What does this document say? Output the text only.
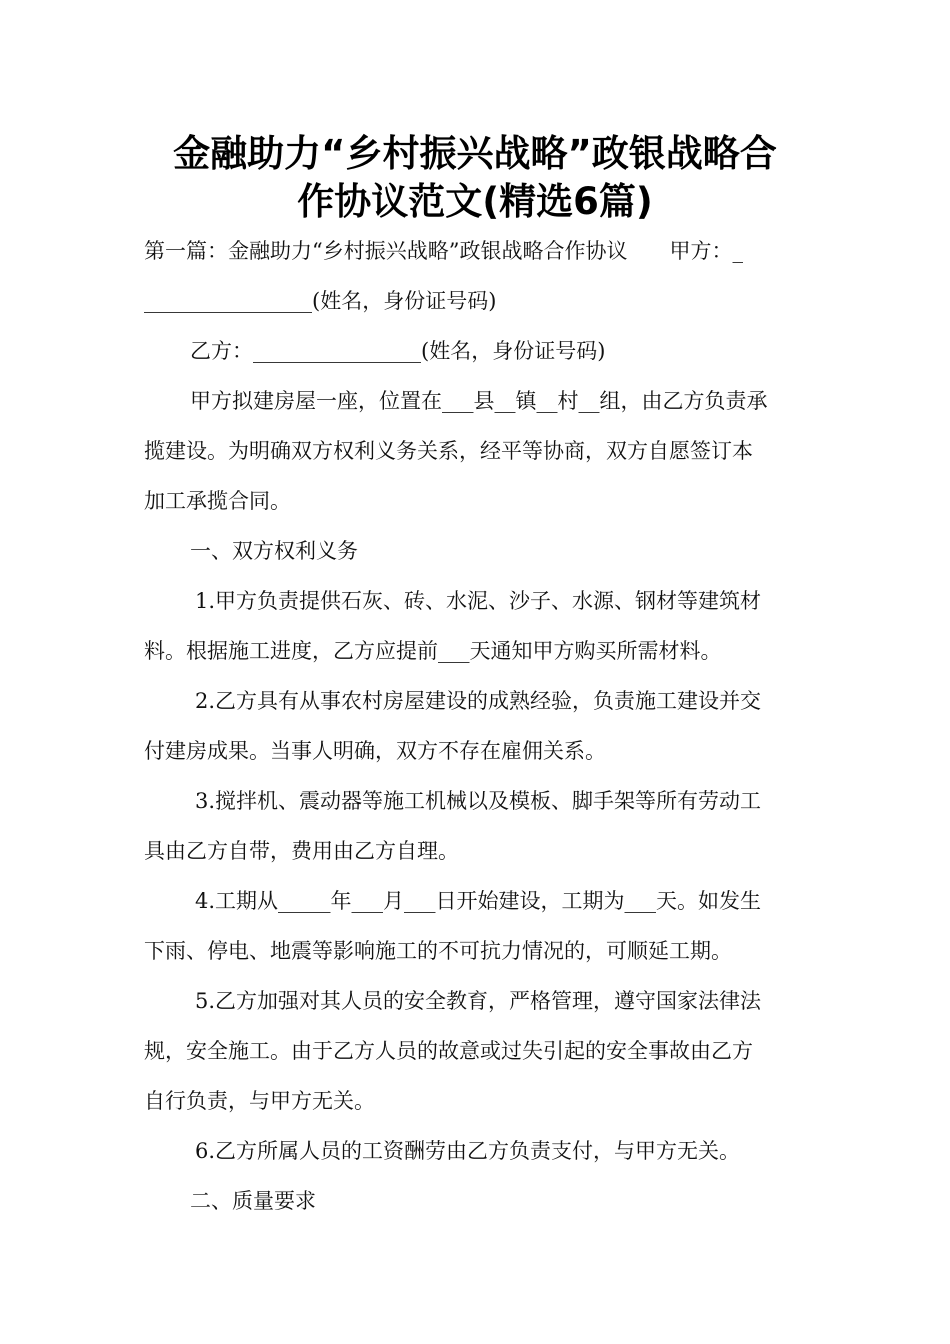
金融助力“乡村振兴战略”政银战略合
作协议范文(精选6篇)
第一篇：金融助力“乡村振兴战略”政银战略合作协议　　甲方：_
________________(姓名，身份证号码)
乙方：________________(姓名，身份证号码)
甲方拟建房屋一座，位置在___县__镇__村__组，由乙方负责承
揽建设。为明确双方权利义务关系，经平等协商，双方自愿签订本
加工承揽合同。
一、双方权利义务
1.甲方负责提供石灰、砖、水泥、沙子、水源、钢材等建筑材
料。根据施工进度，乙方应提前___天通知甲方购买所需材料。
2.乙方具有从事农村房屋建设的成熟经验，负责施工建设并交
付建房成果。当事人明确，双方不存在雇佣关系。
3.搅拌机、震动器等施工机械以及模板、脚手架等所有劳动工
具由乙方自带，费用由乙方自理。
4.工期从_____年___月___日开始建设，工期为___天。如发生
下雨、停电、地震等影响施工的不可抗力情况的，可顺延工期。
5.乙方加强对其人员的安全教育，严格管理，遵守国家法律法
规，安全施工。由于乙方人员的故意或过失引起的安全事故由乙方
自行负责，与甲方无关。
6.乙方所属人员的工资酬劳由乙方负责支付，与甲方无关。
二、质量要求
